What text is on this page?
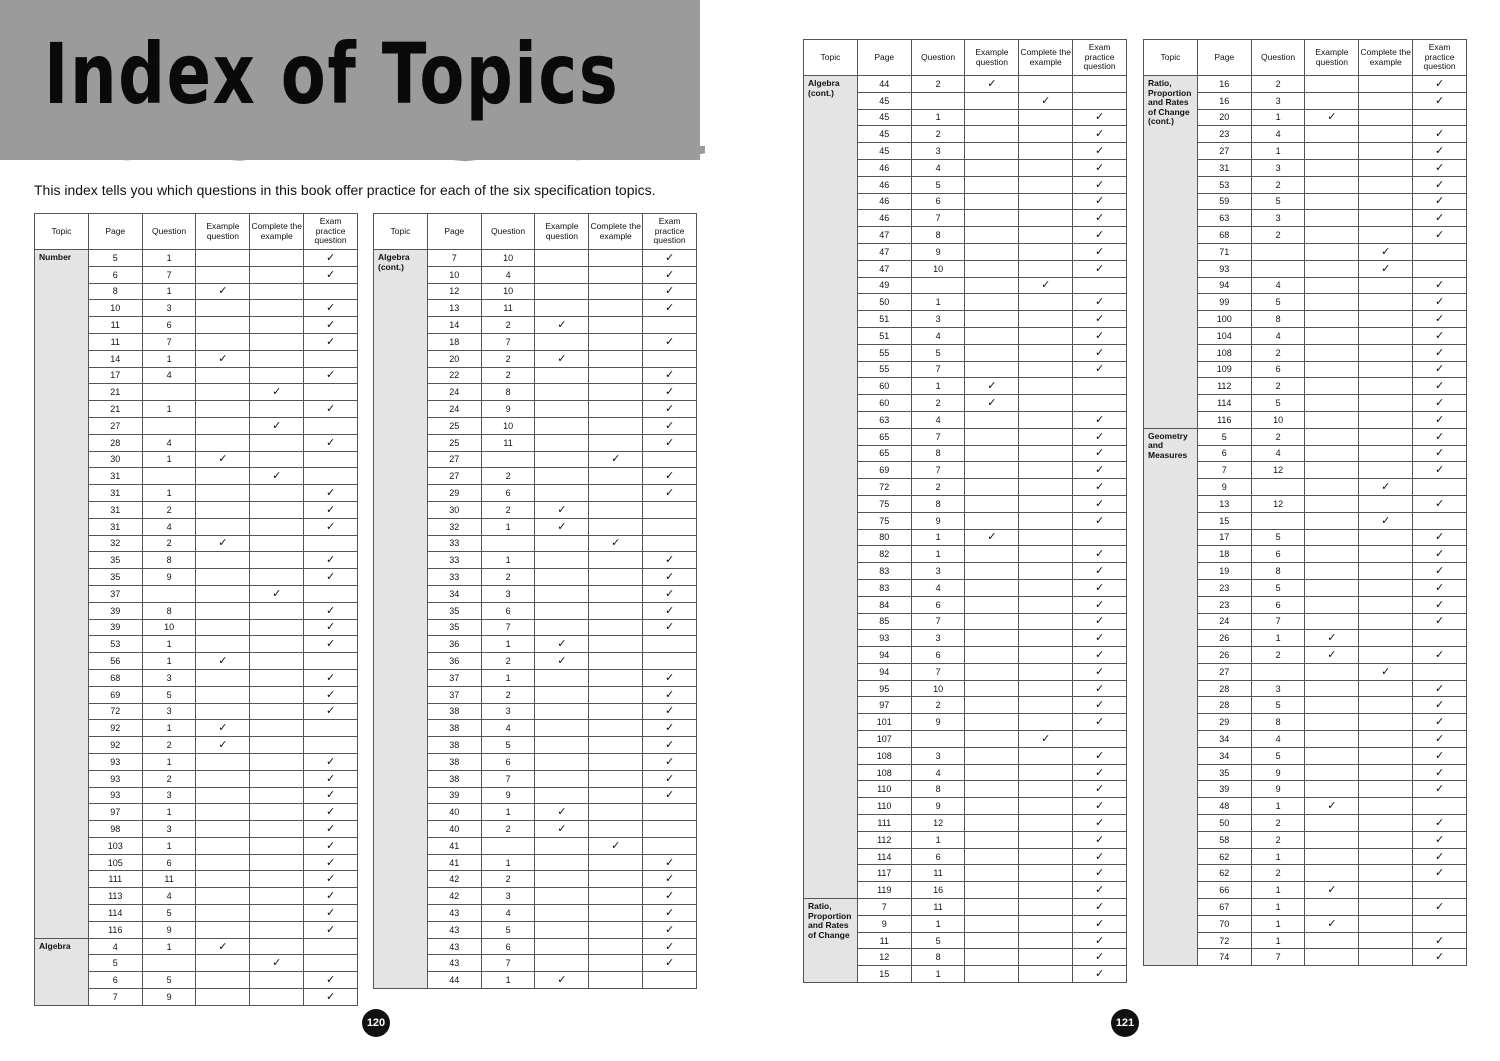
Index of Topics
This index tells you which questions in this book offer practice for each of the six specification topics.
Topic	Page	Question	Example question	Complete the example	Exam practice question
Number	5	1			✓
	6	7			✓
	8	1	✓		
	10	3			✓
	11	6			✓
	11	7			✓
	14	1	✓		
	17	4			✓
	21			✓	
	21	1			✓
	27			✓	
	28	4			✓
	30	1	✓		
	31			✓	
	31	1			✓
	31	2			✓
	31	4			✓
	32	2	✓		
	35	8			✓
	35	9			✓
	37			✓	
	39	8			✓
	39	10			✓
	53	1			✓
	56	1	✓		
	68	3			✓
	69	5			✓
	72	3			✓
	92	1	✓		
	92	2	✓		
	93	1			✓
	93	2			✓
	93	3			✓
	97	1			✓
	98	3			✓
	103	1			✓
	105	6			✓
	111	11			✓
	113	4			✓
	114	5			✓
	116	9			✓
Algebra	4	1	✓		
	5			✓	
	6	5			✓
	7	9			✓
Topic	Page	Question	Example question	Complete the example	Exam practice question
Algebra (cont.)	7	10			✓
	10	4			✓
	12	10			✓
	13	11			✓
	14	2	✓		
	18	7			✓
	20	2	✓		
	22	2			✓
	24	8			✓
	24	9			✓
	25	10			✓
	25	11			✓
	27			✓	
	27	2			✓
	29	6			✓
	30	2	✓		
	32	1	✓		
	33			✓	
	33	1			✓
	33	2			✓
	34	3			✓
	35	6			✓
	35	7			✓
	36	1	✓		
	36	2	✓		
	37	1			✓
	37	2			✓
	38	3			✓
	38	4			✓
	38	5			✓
	38	6			✓
	38	7			✓
	39	9			✓
	40	1	✓		
	40	2	✓		
	41			✓	
	41	1			✓
	42	2			✓
	42	3			✓
	43	4			✓
	43	5			✓
	43	6			✓
	43	7			✓
	44	1	✓		
Topic	Page	Question	Example question	Complete the example	Exam practice question
Algebra (cont.)	44	2	✓		
	45			✓	
	45	1			✓
	45	2			✓
	45	3			✓
	46	4			✓
	46	5			✓
	46	6			✓
	46	7			✓
	47	8			✓
	47	9			✓
	47	10			✓
	49			✓	
	50	1			✓
	51	3			✓
	51	4			✓
	55	5			✓
	55	7			✓
	60	1	✓		
	60	2	✓		
	63	4			✓
	65	7			✓
	65	8			✓
	69	7			✓
	72	2			✓
	75	8			✓
	75	9			✓
	80	1	✓		
	82	1			✓
	83	3			✓
	83	4			✓
	84	6			✓
	85	7			✓
	93	3			✓
	94	6			✓
	94	7			✓
	95	10			✓
	97	2			✓
	101	9			✓
	107			✓	
	108	3			✓
	108	4			✓
	110	8			✓
	110	9			✓
	111	12			✓
	112	1			✓
	114	6			✓
	117	11			✓
	119	16			✓
Ratio, Proportion and Rates of Change	7	11			✓
	9	1			✓
	11	5			✓
	12	8			✓
	15	1			✓
Topic	Page	Question	Example question	Complete the example	Exam practice question
Ratio, Proportion and Rates of Change (cont.)	16	2			✓
	16	3			✓
	20	1	✓		
	23	4			✓
	27	1			✓
	31	3			✓
	53	2			✓
	59	5			✓
	63	3			✓
	68	2			✓
	71			✓	
	93			✓	
	94	4			✓
	99	5			✓
	100	8			✓
	104	4			✓
	108	2			✓
	109	6			✓
	112	2			✓
	114	5			✓
	116	10			✓
Geometry and Measures	5	2			✓
	6	4			✓
	7	12			✓
	9			✓	
	13	12			✓
	15			✓	
	17	5			✓
	18	6			✓
	19	8			✓
	23	5			✓
	23	6			✓
	24	7			✓
	26	1	✓		
	26	2	✓		✓
	27			✓	
	28	3			✓
	28	5			✓
	29	8			✓
	34	4			✓
	34	5			✓
	35	9			✓
	39	9			✓
	48	1	✓		
	50	2			✓
	58	2			✓
	62	1			✓
	62	2			✓
	66	1	✓		
	67	1			✓
	70	1	✓		
	72	1			✓
	74	7			✓
120	121
